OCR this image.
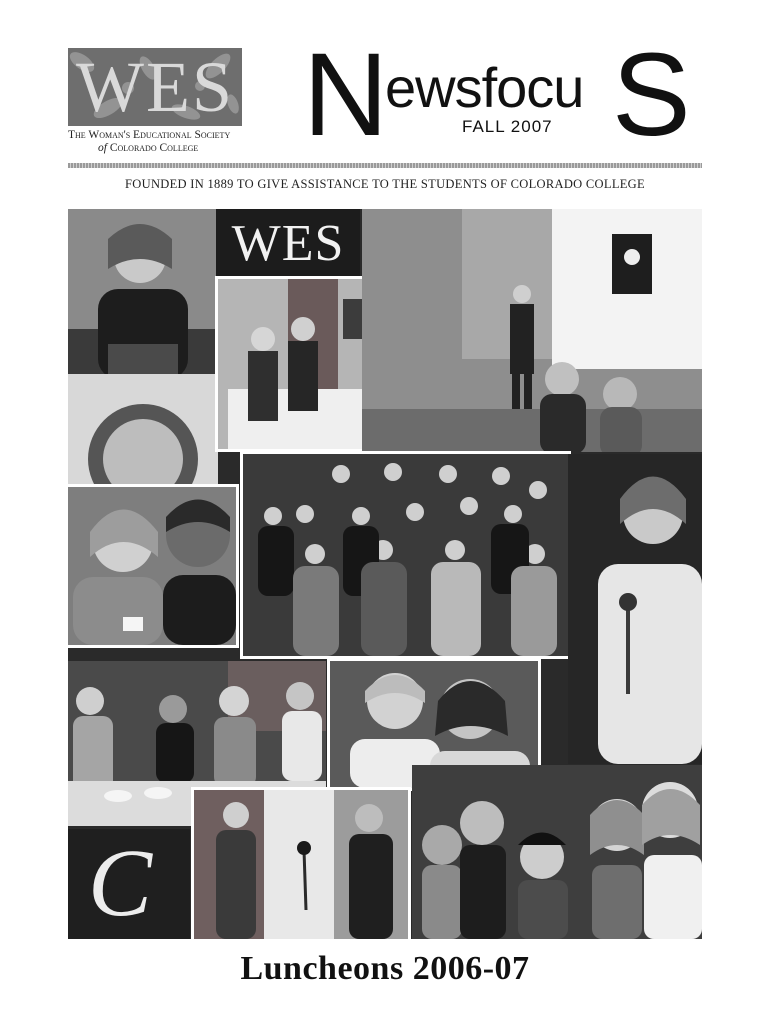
WES
The Woman's Educational Society
of Colorado College N
ewsfocu S
FALL 2007
FOUNDED IN 1889 TO GIVE ASSISTANCE TO THE STUDENTS OF COLORADO COLLEGE
WES
C
Luncheons 2006-07
